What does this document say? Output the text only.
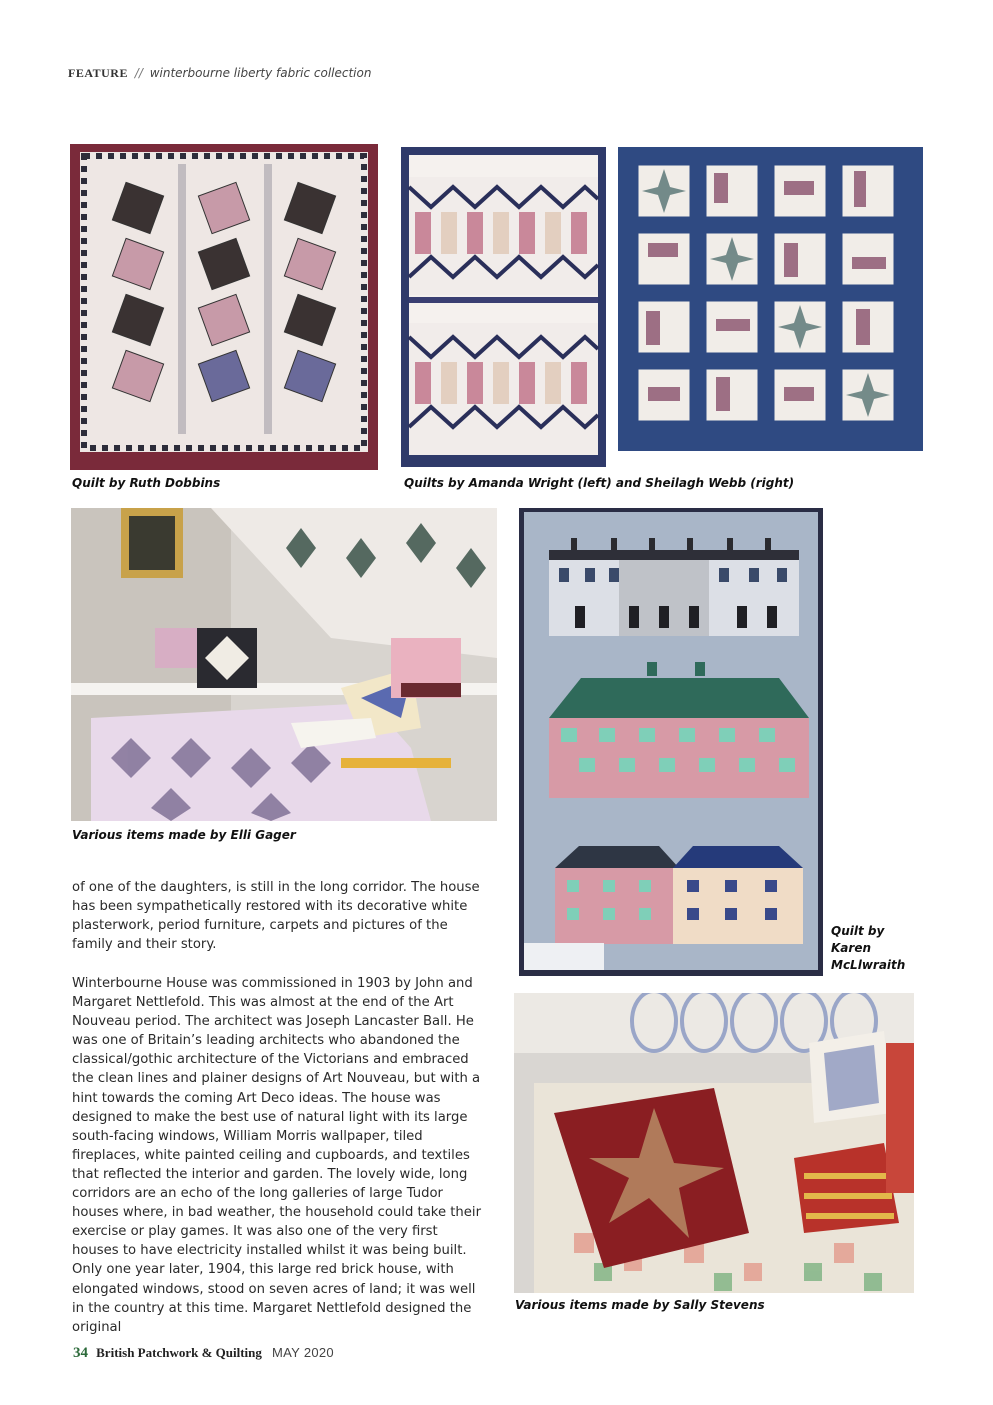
FEATURE // winterbourne liberty fabric collection
Quilt by Ruth Dobbins	Quilts by Amanda Wright (left) and Sheilagh Webb (right)
Various items made by Elli Gager
Quilt by
Karen
McLlwraith
Various items made by Sally Stevens

of one of the daughters, is still in the long corridor. The house has been sympathetically restored with its decorative white plasterwork, period furniture, carpets and pictures of the family and their story.

Winterbourne House was commissioned in 1903 by John and Margaret Nettlefold. This was almost at the end of the Art Nouveau period. The architect was Joseph Lancaster Ball. He was one of Britain’s leading architects who abandoned the classical/gothic architecture of the Victorians and embraced the clean lines and plainer designs of Art Nouveau, but with a hint towards the coming Art Deco ideas. The house was designed to make the best use of natural light with its large south-facing windows, William Morris wallpaper, tiled fireplaces, white painted ceiling and cupboards, and textiles that reflected the interior and garden. The lovely wide, long corridors are an echo of the long galleries of large Tudor houses where, in bad weather, the household could take their exercise or play games. It was also one of the very first houses to have electricity installed whilst it was being built. Only one year later, 1904, this large red brick house, with elongated windows, stood on seven acres of land; it was well in the country at this time. Margaret Nettlefold designed the original

34 British Patchwork & Quilting MAY 2020
